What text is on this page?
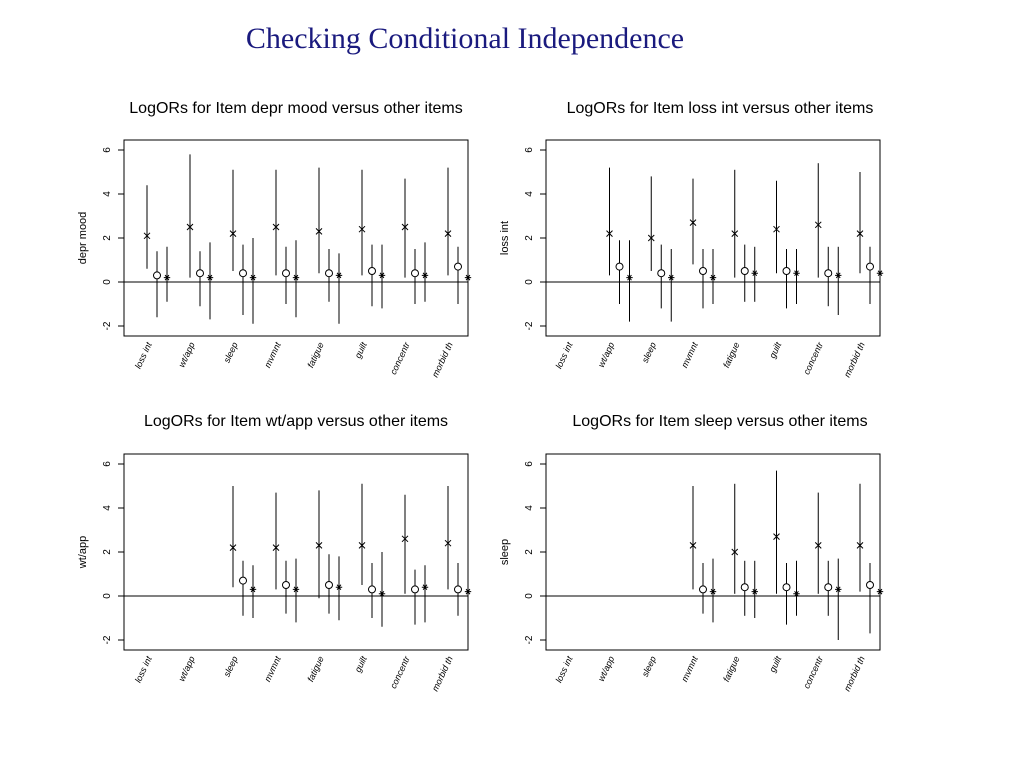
Checking Conditional Independence
LogORs for Item depr mood versus other items
-2
0
2
4
6
depr mood
loss int	wt/app	sleep	mvmnt	fatigue	guilt concentr morbid th
LogORs for Item loss int versus other items
-2
0
2
4
6
loss int
loss int wt/app	sleep mvmnt fatigue	guilt concentr morbid th
LogORs for Item wt/app versus other items
-2
0
2
4
6
wt/app
loss int	wt/app	sleep	mvmnt	fatigue	guilt concentr morbid th
LogORs for Item sleep versus other items
-2
0
2
4
6
sleep
loss int wt/app	sleep mvmnt fatigue	guilt concentr morbid th
